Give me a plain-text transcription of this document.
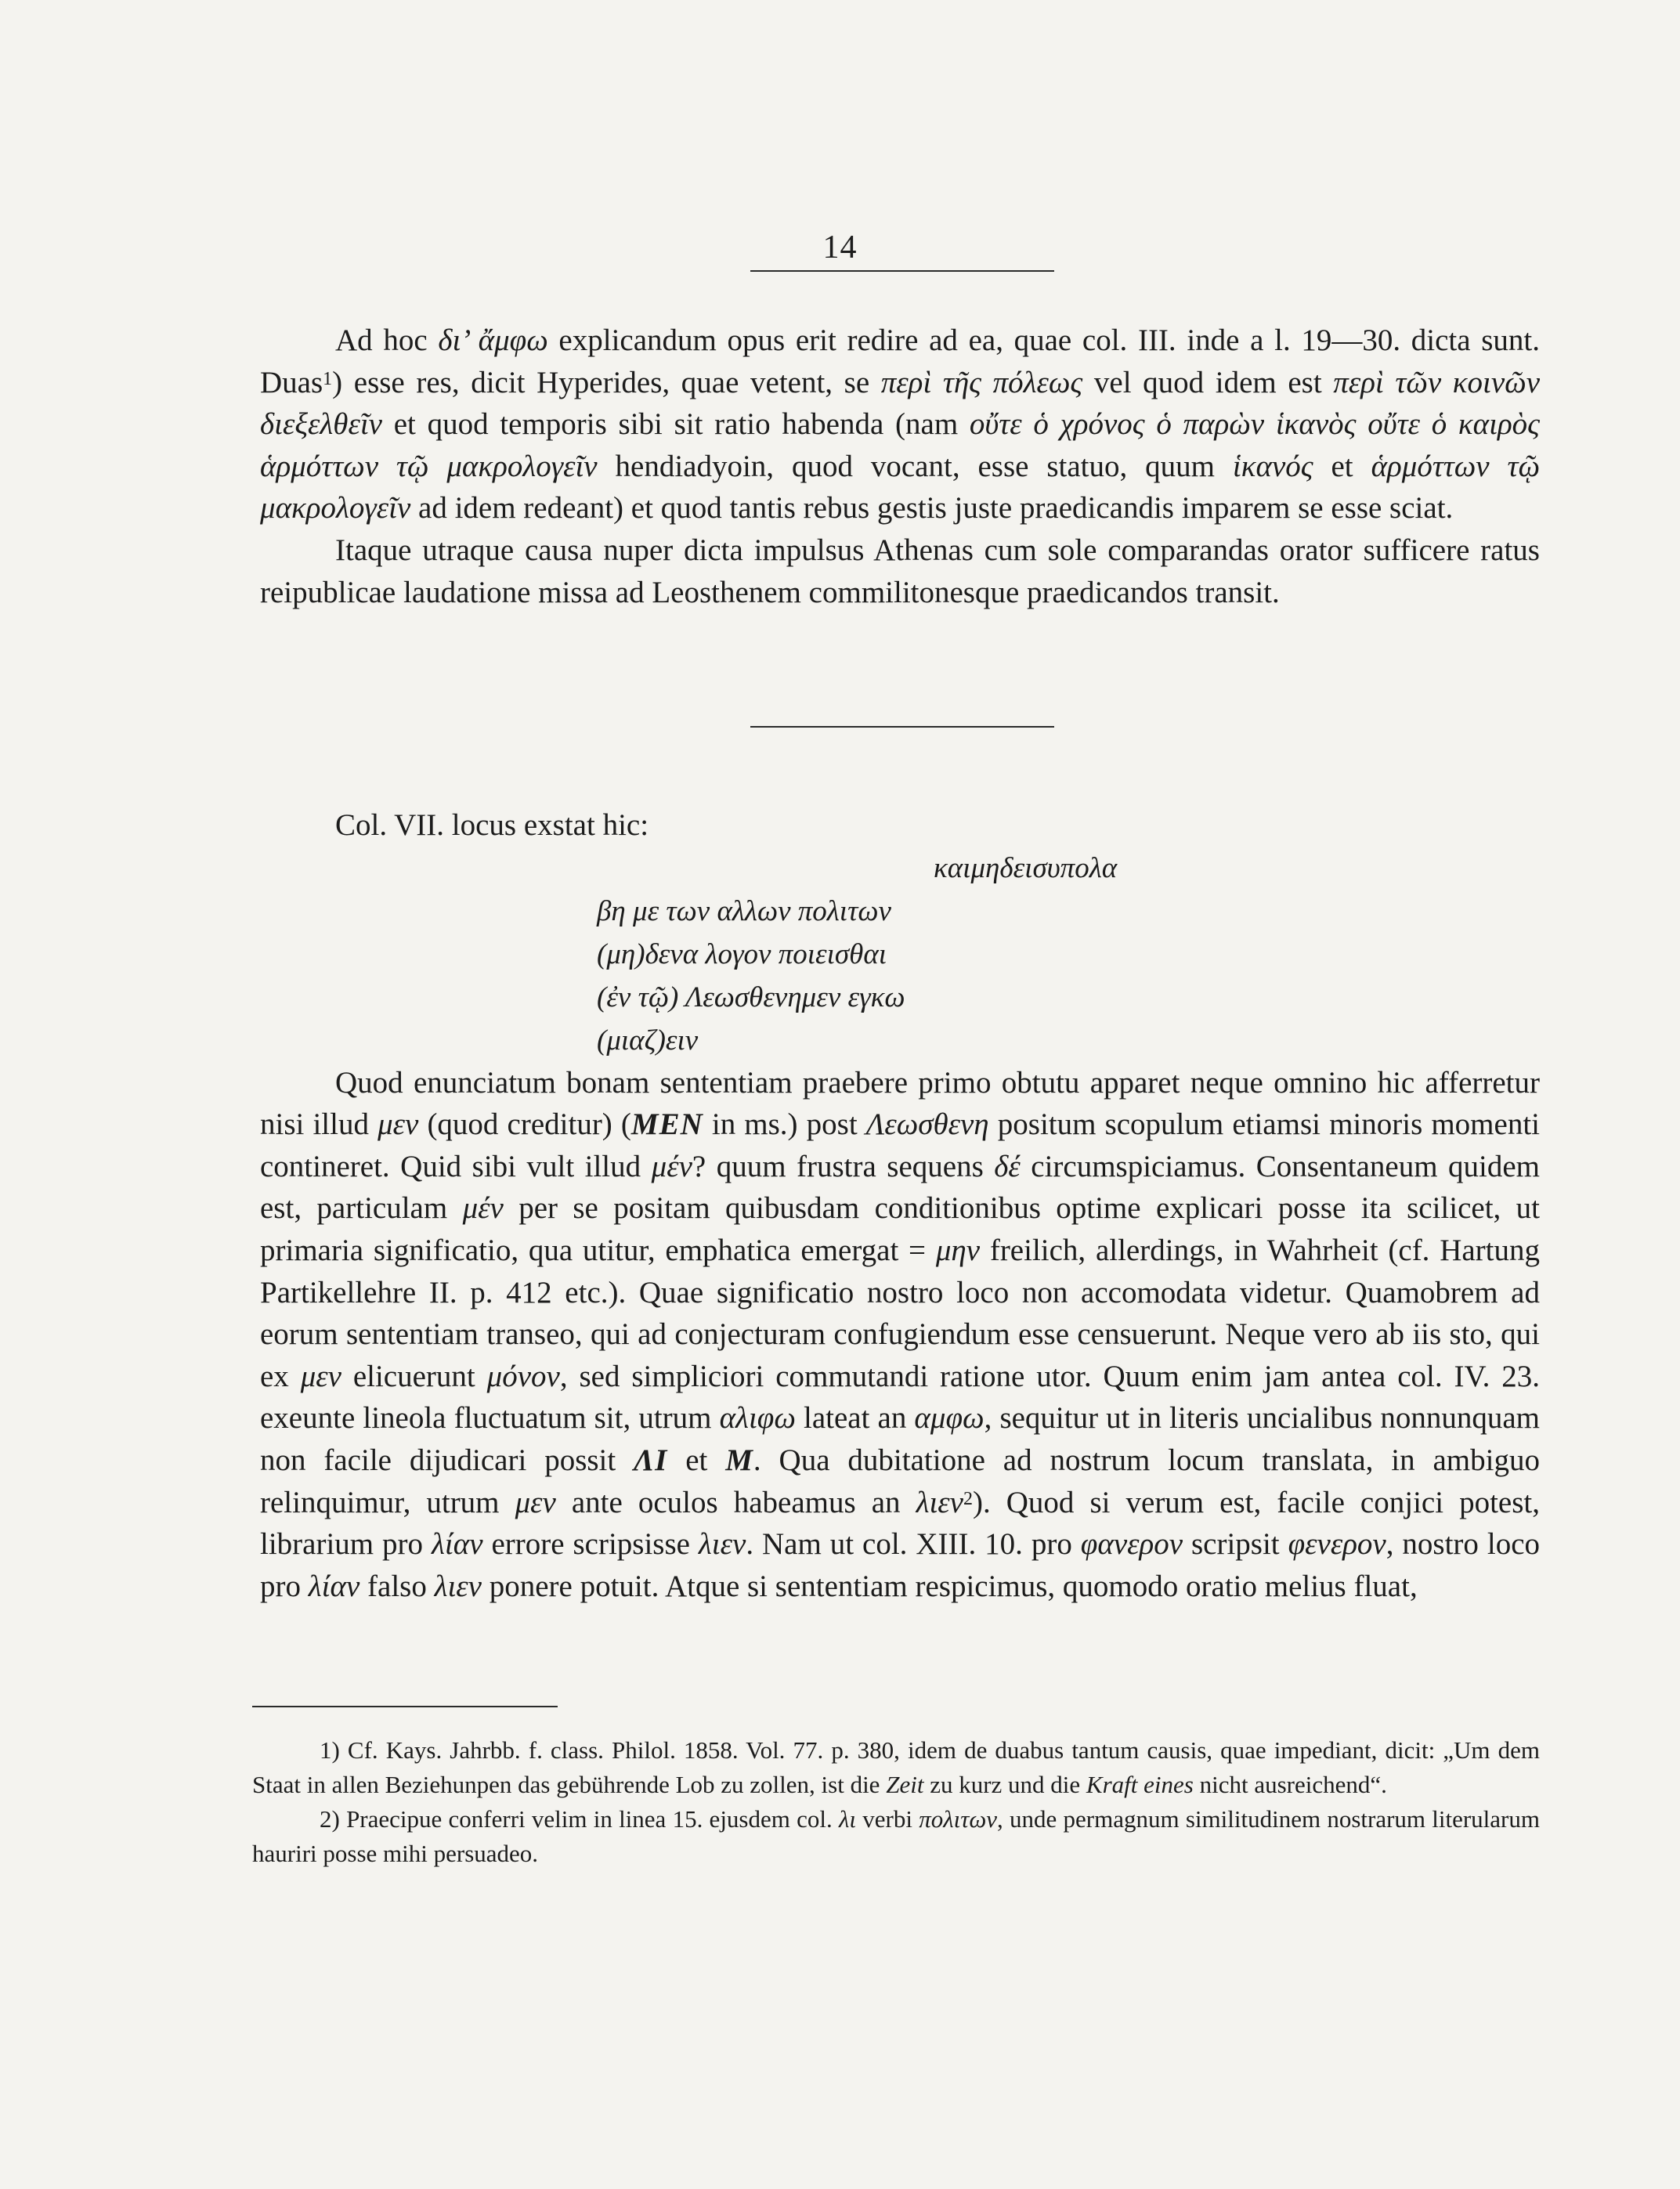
14

Ad hoc δι’ ἄμφω explicandum opus erit redire ad ea, quae col. III. inde a l. 19—30. dicta sunt. Duas$^1$) esse res, dicit Hyperides, quae vetent, se περὶ τῆς πόλεως vel quod idem est περὶ τῶν κοινῶν διεξελθεῖν et quod temporis sibi sit ratio habenda (nam οὔτε ὁ χρόνος ὁ παρὼν ἱκανὸς οὔτε ὁ καιρὸς ἁρμόττων τῷ μακρολογεῖν hendiadyoin, quod vocant, esse statuo, quum ἱκανός et ἁρμόττων τῷ μακρολογεῖν ad idem redeant) et quod tantis rebus gestis juste praedicandis imparem se esse sciat.

Itaque utraque causa nuper dicta impulsus Athenas cum sole comparandas orator sufficere ratus reipublicae laudatione missa ad Leosthenem commilitonesque praedicandos transit.

Col. VII. locus exstat hic:

καιμηδεισυπολα
βη με των αλλων πολιτων
(μη)δενα λογον ποιεισθαι
(ἐν τῷ) Λεωσθενημεν εγκω
(μιαζ)ειν

Quod enunciatum bonam sententiam praebere primo obtutu apparet neque omnino hic afferretur nisi illud μεν (quod creditur) (MEN in ms.) post Λεωσθενη positum scopulum etiamsi minoris momenti contineret. Quid sibi vult illud μέν? quum frustra sequens δέ circumspiciamus. Consentaneum quidem est, particulam μέν per se positam quibusdam conditionibus optime explicari posse ita scilicet, ut primaria significatio, qua utitur, emphatica emergat = μην freilich, allerdings, in Wahrheit (cf. Hartung Partikellehre II. p. 412 etc.). Quae significatio nostro loco non accomodata videtur. Quamobrem ad eorum sententiam transeo, qui ad conjecturam confugiendum esse censuerunt. Neque vero ab iis sto, qui ex μεν elicuerunt μόνον, sed simpliciori commutandi ratione utor. Quum enim jam antea col. IV. 23. exeunte lineola fluctuatum sit, utrum αλιφω lateat an αμφω, sequitur ut in literis uncialibus nonnunquam non facile dijudicari possit ΛΙ et Μ. Qua dubitatione ad nostrum locum translata, in ambiguo relinquimur, utrum μεν ante oculos habeamus an λιεν$^2$). Quod si verum est, facile conjici potest, librarium pro λίαν errore scripsisse λιεν. Nam ut col. XIII. 10. pro φανερον scripsit φενερον, nostro loco pro λίαν falso λιεν ponere potuit. Atque si sententiam respicimus, quomodo oratio melius fluat,

1) Cf. Kays. Jahrbb. f. class. Philol. 1858. Vol. 77. p. 380, idem de duabus tantum causis, quae impediant, dicit: „Um dem Staat in allen Beziehunpen das gebührende Lob zu zollen, ist die Zeit zu kurz und die Kraft eines nicht ausreichend“.

2) Praecipue conferri velim in linea 15. ejusdem col. λι verbi πολιτων, unde permagnum similitudinem nostrarum literularum hauriri posse mihi persuadeo.
